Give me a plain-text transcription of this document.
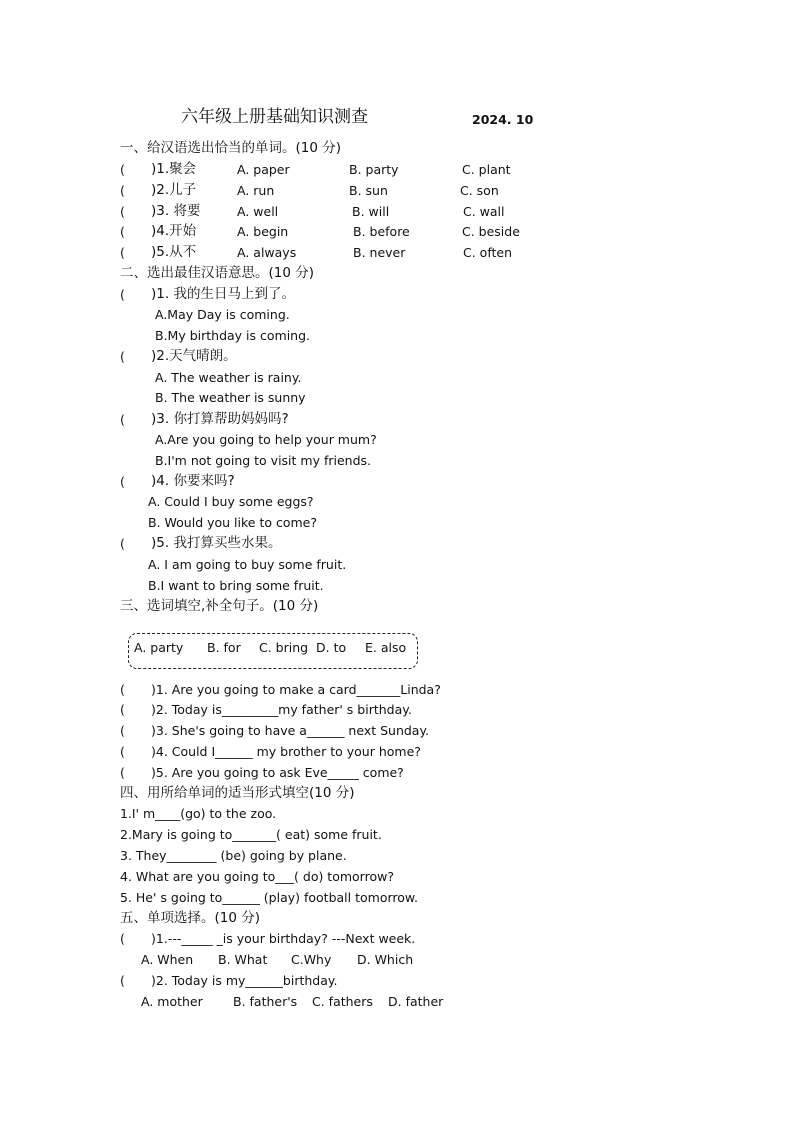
六年级上册基础知识测查	2024. 10
一、给汉语选出恰当的单词。(10 分)
( )1.聚会	A. paper	B. party	C. plant
( )2.儿子	A. run	B. sun	C. son
( )3. 将要	A. well	B. will	C. wall
( )4.开始	A. begin	B. before	C. beside
( )5.从不	A. always	B. never	C. often
二、选出最佳汉语意思。(10 分)
( )1. 我的生日马上到了。
A.May Day is coming.
B.My birthday is coming.
( )2.天气晴朗。
A. The weather is rainy.
B. The weather is sunny
( )3. 你打算帮助妈妈吗?
A.Are you going to help your mum?
B.I'm not going to visit my friends.
( )4. 你要来吗?
A. Could I buy some eggs?
B. Would you like to come?
( )5. 我打算买些水果。
A. I am going to buy some fruit.
B.I want to bring some fruit.
三、选词填空,补全句子。(10 分)
A. party B. for C. bring D. to E. also
( )1. Are you going to make a card_______Linda?
( )2. Today is_________my father' s birthday.
( )3. She's going to have a______ next Sunday.
( )4. Could I______ my brother to your home?
( )5. Are you going to ask Eve_____ come?
四、用所给单词的适当形式填空(10 分)
1.I' m____(go) to the zoo.
2.Mary is going to_______( eat) some fruit.
3. They________ (be) going by plane.
4. What are you going to___( do) tomorrow?
5. He' s going to______ (play) football tomorrow.
五、单项选择。(10 分)
( )1.---_____ _is your birthday? ---Next week.
A. When B. What C.Why D. Which
( )2. Today is my______birthday.
A. mother B. father's C. fathers D. father
